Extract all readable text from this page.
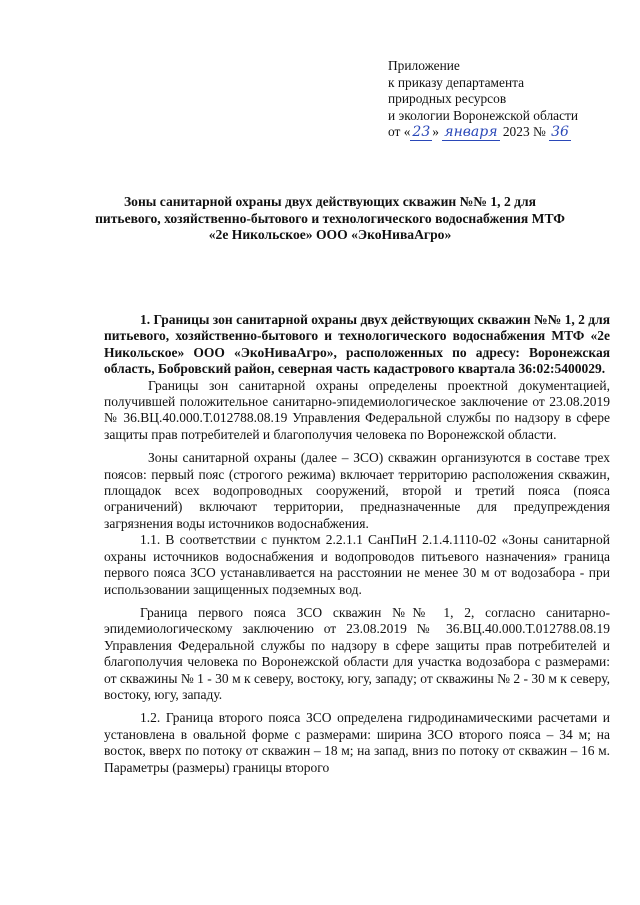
Приложение
к приказу департамента
природных ресурсов
и экологии Воронежской области
от « 23 » января 2023 № 36
Зоны санитарной охраны двух действующих скважин №№ 1, 2 для питьевого, хозяйственно-бытового и технологического водоснабжения МТФ «2е Никольское» ООО «ЭкоНиваАгро»

1. Границы зон санитарной охраны двух действующих скважин №№ 1, 2 для питьевого, хозяйственно-бытового и технологического водоснабжения МТФ «2е Никольское» ООО «ЭкоНиваАгро», расположенных по адресу: Воронежская область, Бобровский район, северная часть кадастрового квартала 36:02:5400029.

Границы зон санитарной охраны определены проектной документацией, получившей положительное санитарно-эпидемиологическое заключение от 23.08.2019 № 36.ВЦ.40.000.Т.012788.08.19 Управления Федеральной службы по надзору в сфере защиты прав потребителей и благополучия человека по Воронежской области.

Зоны санитарной охраны (далее – ЗСО) скважин организуются в составе трех поясов: первый пояс (строгого режима) включает территорию расположения скважин, площадок всех водопроводных сооружений, второй и третий пояса (пояса ограничений) включают территории, предназначенные для предупреждения загрязнения воды источников водоснабжения.

1.1. В соответствии с пунктом 2.2.1.1 СанПиН 2.1.4.1110-02 «Зоны санитарной охраны источников водоснабжения и водопроводов питьевого назначения» граница первого пояса ЗСО устанавливается на расстоянии не менее 30 м от водозабора - при использовании защищенных подземных вод.

Граница первого пояса ЗСО скважин №№ 1, 2, согласно санитарно-эпидемиологическому заключению от 23.08.2019 № 36.ВЦ.40.000.Т.012788.08.19 Управления Федеральной службы по надзору в сфере защиты прав потребителей и благополучия человека по Воронежской области для участка водозабора с размерами: от скважины № 1 - 30 м к северу, востоку, югу, западу; от скважины № 2 - 30 м к северу, востоку, югу, западу.

1.2. Граница второго пояса ЗСО определена гидродинамическими расчетами и установлена в овальной форме с размерами: ширина ЗСО второго пояса – 34 м; на восток, вверх по потоку от скважин – 18 м; на запад, вниз по потоку от скважин – 16 м. Параметры (размеры) границы второго
